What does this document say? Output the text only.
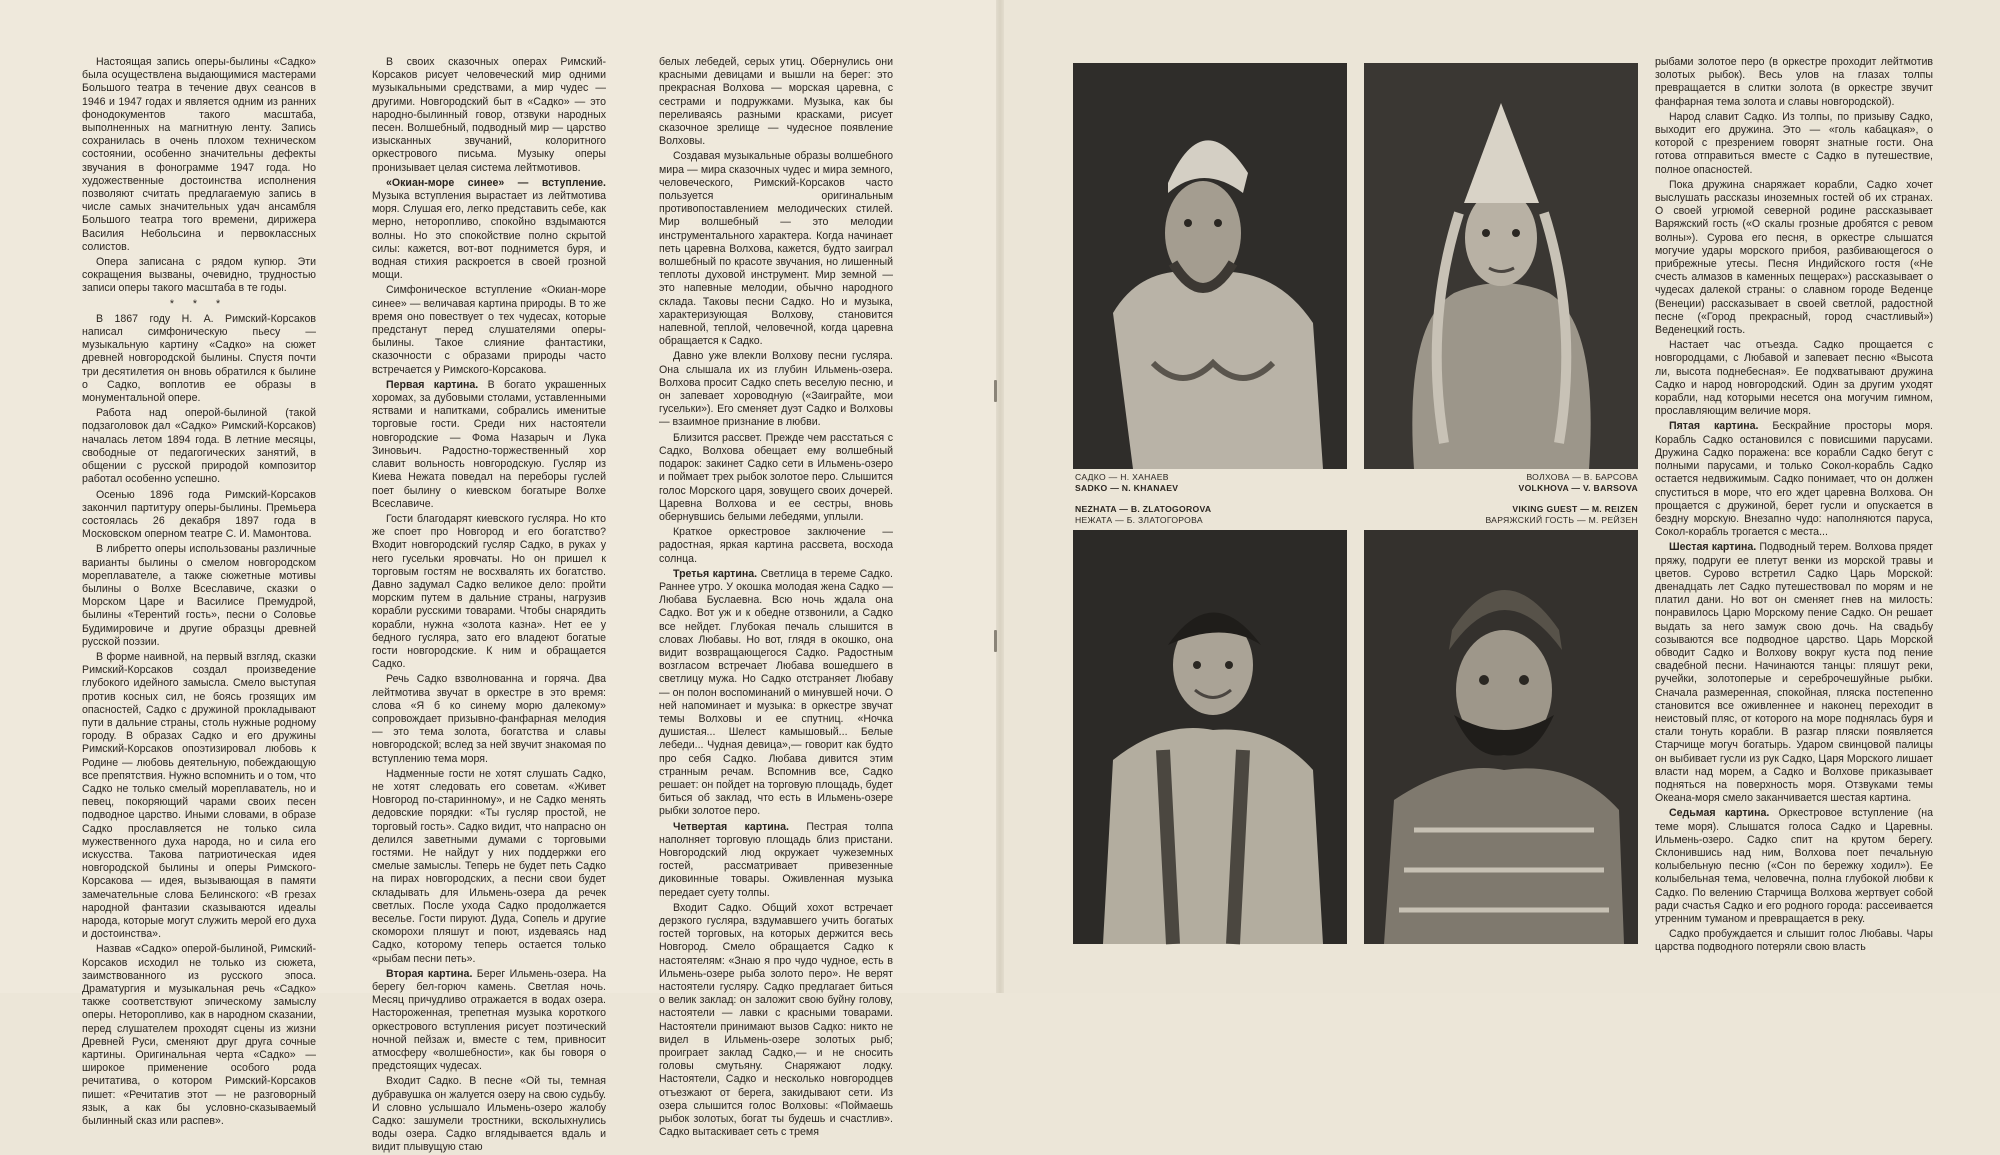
Настоящая запись оперы-былины «Садко» была осуществлена выдающимися мастерами Большого театра в течение двух сеансов в 1946 и 1947 годах и является одним из ранних фонодокументов такого масштаба, выполненных на магнитную ленту. Запись сохранилась в очень плохом техническом состоянии, особенно значительны дефекты звучания в фонограмме 1947 года. Но художественные достоинства исполнения позволяют считать предлагаемую запись в числе самых значительных удач ансамбля Большого театра того времени, дирижера Василия Небольсина и первоклассных солистов.

Опера записана с рядом купюр. Эти сокращения вызваны, очевидно, трудностью записи оперы такого масштаба в те годы.

* * *

В 1867 году Н. А. Римский-Корсаков написал симфоническую пьесу — музыкальную картину «Садко» на сюжет древней новгородской былины. Спустя почти три десятилетия он вновь обратился к былине о Садко, воплотив ее образы в монументальной опере.

Работа над оперой-былиной (такой подзаголовок дал «Садко» Римский-Корсаков) началась летом 1894 года. В летние месяцы, свободные от педагогических занятий, в общении с русской природой композитор работал особенно успешно.

Осенью 1896 года Римский-Корсаков закончил партитуру оперы-былины. Премьера состоялась 26 декабря 1897 года в Московском оперном театре С. И. Мамонтова.

В либретто оперы использованы различные варианты былины о смелом новгородском мореплавателе, а также сюжетные мотивы былины о Волхе Всеславиче, сказки о Морском Царе и Василисе Премудрой, былины «Терентий гость», песни о Соловье Будимировиче и другие образцы древней русской поэзии.

В форме наивной, на первый взгляд, сказки Римский-Корсаков создал произведение глубокого идейного замысла. Смело выступая против косных сил, не боясь грозящих им опасностей, Садко с дружиной прокладывают пути в дальние страны, столь нужные родному городу. В образах Садко и его дружины Римский-Корсаков опоэтизировал любовь к Родине — любовь деятельную, побеждающую все препятствия. Нужно вспомнить и о том, что Садко не только смелый мореплаватель, но и певец, покоряющий чарами своих песен подводное царство. Иными словами, в образе Садко прославляется не только сила мужественного духа народа, но и сила его искусства. Такова патриотическая идея новгородской былины и оперы Римского-Корсакова — идея, вызывающая в памяти замечательные слова Белинского: «В грезах народной фантазии сказываются идеалы народа, которые могут служить мерой его духа и достоинства».

Назвав «Садко» оперой-былиной, Римский-Корсаков исходил не только из сюжета, заимствованного из русского эпоса. Драматургия и музыкальная речь «Садко» также соответствуют эпическому замыслу оперы. Неторопливо, как в народном сказании, перед слушателем проходят сцены из жизни Древней Руси, сменяют друг друга сочные картины. Оригинальная черта «Садко» — широкое применение особого рода речитатива, о котором Римский-Корсаков пишет: «Речитатив этот — не разговорный язык, а как бы условно-сказываемый былинный сказ или распев».

В своих сказочных операх Римский-Корсаков рисует человеческий мир одними музыкальными средствами, а мир чудес — другими. Новгородский быт в «Садко» — это народно-былинный говор, отзвуки народных песен. Волшебный, подводный мир — царство изысканных звучаний, колоритного оркестрового письма. Музыку оперы пронизывает целая система лейтмотивов.

«Окиан-море синее» — вступление. Музыка вступления вырастает из лейтмотива моря. Слушая его, легко представить себе, как мерно, неторопливо, спокойно вздымаются волны. Но это спокойствие полно скрытой силы: кажется, вот-вот поднимется буря, и водная стихия раскроется в своей грозной мощи.

Симфоническое вступление «Окиан-море синее» — величавая картина природы. В то же время оно повествует о тех чудесах, которые предстанут перед слушателями оперы-былины. Такое слияние фантастики, сказочности с образами природы часто встречается у Римского-Корсакова.

Первая картина. В богато украшенных хоромах, за дубовыми столами, уставленными яствами и напитками, собрались именитые торговые гости. Среди них настоятели новгородские — Фома Назарыч и Лука Зиновьич. Радостно-торжественный хор славит вольность новгородскую. Гусляр из Киева Нежата поведал на переборы гуслей поет былину о киевском богатыре Волхе Всеславиче.

Гости благодарят киевского гусляра. Но кто же споет про Новгород и его богатство? Входит новгородский гусляр Садко, в руках у него гусельки яровчаты. Но он пришел к торговым гостям не восхвалять их богатство. Давно задумал Садко великое дело: пройти морским путем в дальние страны, нагрузив корабли русскими товарами. Чтобы снарядить корабли, нужна «золота казна». Нет ее у бедного гусляра, зато его владеют богатые гости новгородские. К ним и обращается Садко.

Речь Садко взволнованна и горяча. Два лейтмотива звучат в оркестре в это время: слова «Я б ко синему морю далекому» сопровождает призывно-фанфарная мелодия — это тема золота, богатства и славы новгородской; вслед за ней звучит знакомая по вступлению тема моря.

Надменные гости не хотят слушать Садко, не хотят следовать его советам. «Живет Новгород по-старинному», и не Садко менять дедовские порядки: «Ты гусляр простой, не торговый гость». Садко видит, что напрасно он делился заветными думами с торговыми гостями. Не найдут у них поддержки его смелые замыслы. Теперь не будет петь Садко на пирах новгородских, а песни свои будет складывать для Ильмень-озера да речек светлых. После ухода Садко продолжается веселье. Гости пируют. Дуда, Сопель и другие скоморохи пляшут и поют, издеваясь над Садко, которому теперь остается только «рыбам песни петь».

Вторая картина. Берег Ильмень-озера. На берегу бел-горюч камень. Светлая ночь. Месяц причудливо отражается в водах озера. Настороженная, трепетная музыка короткого оркестрового вступления рисует поэтический ночной пейзаж и, вместе с тем, привносит атмосферу «волшебности», как бы говоря о предстоящих чудесах.

Входит Садко. В песне «Ой ты, темная дубравушка он жалуется озеру на свою судьбу. И словно услышало Ильмень-озеро жалобу Садко: зашумели тростники, всколыхнулись воды озера. Садко вглядывается вдаль и видит плывущую стаю

белых лебедей, серых утиц. Обернулись они красными девицами и вышли на берег: это прекрасная Волхова — морская царевна, с сестрами и подружками. Музыка, как бы переливаясь разными красками, рисует сказочное зрелище — чудесное появление Волховы.

Создавая музыкальные образы волшебного мира — мира сказочных чудес и мира земного, человеческого, Римский-Корсаков часто пользуется оригинальным противопоставлением мелодических стилей. Мир волшебный — это мелодии инструментального характера. Когда начинает петь царевна Волхова, кажется, будто заиграл волшебный по красоте звучания, но лишенный теплоты духовой инструмент. Мир земной — это напевные мелодии, обычно народного склада. Таковы песни Садко. Но и музыка, характеризующая Волхову, становится напевной, теплой, человечной, когда царевна обращается к Садко.

Давно уже влекли Волхову песни гусляра. Она слышала их из глубин Ильмень-озера. Волхова просит Садко спеть веселую песню, и он запевает хороводную («Заиграйте, мои гусельки»). Его сменяет дуэт Садко и Волховы — взаимное признание в любви.

Близится рассвет. Прежде чем расстаться с Садко, Волхова обещает ему волшебный подарок: закинет Садко сети в Ильмень-озеро и поймает трех рыбок золотое перо. Слышится голос Морского царя, зовущего своих дочерей. Царевна Волхова и ее сестры, вновь обернувшись белыми лебедями, уплыли.

Краткое оркестровое заключение — радостная, яркая картина рассвета, восхода солнца.

Третья картина. Светлица в тереме Садко. Раннее утро. У окошка молодая жена Садко — Любава Буслаевна. Всю ночь ждала она Садко. Вот уж и к обедне отзвонили, а Садко все нейдет. Глубокая печаль слышится в словах Любавы. Но вот, глядя в окошко, она видит возвращающегося Садко. Радостным возгласом встречает Любава вошедшего в светлицу мужа. Но Садко отстраняет Любаву — он полон воспоминаний о минувшей ночи. О ней напоминает и музыка: в оркестре звучат темы Волховы и ее спутниц. «Ночка душистая... Шелест камышовый... Белые лебеди... Чудная девица»,— говорит как будто про себя Садко. Любава дивится этим странным речам. Вспомнив все, Садко решает: он пойдет на торговую площадь, будет биться об заклад, что есть в Ильмень-озере рыбки золотое перо.

Четвертая картина. Пестрая толпа наполняет торговую площадь близ пристани. Новгородский люд окружает чужеземных гостей, рассматривает привезенные диковинные товары. Оживленная музыка передает суету толпы.

Входит Садко. Общий хохот встречает дерзкого гусляра, вздумавшего учить богатых гостей торговых, на которых держится весь Новгород. Смело обращается Садко к настоятелям: «Знаю я про чудо чудное, есть в Ильмень-озере рыба золото перо». Не верят настоятели гусляру. Садко предлагает биться о велик заклад: он заложит свою буйну голову, настоятели — лавки с красными товарами. Настоятели принимают вызов Садко: никто не видел в Ильмень-озере золотых рыб; проиграет заклад Садко,— и не сносить головы смутьяну. Снаряжают лодку. Настоятели, Садко и несколько новгородцев отъезжают от берега, закидывают сети. Из озера слышится голос Волховы: «Поймаешь рыбок золотых, богат ты будешь и счастлив». Садко вытаскивает сеть с тремя

рыбами золотое перо (в оркестре проходит лейтмотив золотых рыбок). Весь улов на глазах толпы превращается в слитки золота (в оркестре звучит фанфарная тема золота и славы новгородской).

Народ славит Садко. Из толпы, по призыву Садко, выходит его дружина. Это — «голь кабацкая», о которой с презрением говорят знатные гости. Она готова отправиться вместе с Садко в путешествие, полное опасностей.

Пока дружина снаряжает корабли, Садко хочет выслушать рассказы иноземных гостей об их странах. О своей угрюмой северной родине рассказывает Варяжский гость («О скалы грозные дробятся с ревом волны»). Сурова его песня, в оркестре слышатся могучие удары морского прибоя, разбивающегося о прибрежные утесы. Песня Индийского гостя («Не счесть алмазов в каменных пещерах») рассказывает о чудесах далекой страны: о славном городе Веденце (Венеции) рассказывает в своей светлой, радостной песне («Город прекрасный, город счастливый») Веденецкий гость.

Настает час отъезда. Садко прощается с новгородцами, с Любавой и запевает песню «Высота ли, высота поднебесная». Ее подхватывают дружина Садко и народ новгородский. Один за другим уходят корабли, над которыми несется она могучим гимном, прославляющим величие моря.

Пятая картина. Бескрайние просторы моря. Корабль Садко остановился с повисшими парусами. Дружина Садко поражена: все корабли Садко бегут с полными парусами, и только Сокол-корабль Садко остается недвижимым. Садко понимает, что он должен спуститься в море, что его ждет царевна Волхова. Он прощается с дружиной, берет гусли и опускается в бездну морскую. Внезапно чудо: наполняются паруса, Сокол-корабль трогается с места...

Шестая картина. Подводный терем. Волхова прядет пряжу, подруги ее плетут венки из морской травы и цветов. Сурово встретил Садко Царь Морской: двенадцать лет Садко путешествовал по морям и не платил дани. Но вот он сменяет гнев на милость: понравилось Царю Морскому пение Садко. Он решает выдать за него замуж свою дочь. На свадьбу созываются все подводное царство. Царь Морской обводит Садко и Волхову вокруг куста под пение свадебной песни. Начинаются танцы: пляшут реки, ручейки, золотоперые и сереброчешуйные рыбки. Сначала размеренная, спокойная, пляска постепенно становится все оживленнее и наконец переходит в неистовый пляс, от которого на море поднялась буря и стали тонуть корабли. В разгар пляски появляется Старчище могуч богатырь. Ударом свинцовой палицы он выбивает гусли из рук Садко, Царя Морского лишает власти над морем, а Садко и Волхове приказывает подняться на поверхность моря. Отзвуками темы Океана-моря смело заканчивается шестая картина.

Седьмая картина. Оркестровое вступление (на теме моря). Слышатся голоса Садко и Царевны. Ильмень-озеро. Садко спит на крутом берегу. Склонившись над ним, Волхова поет печальную колыбельную песню («Сон по бережку ходил»). Ее колыбельная тема, человечна, полна глубокой любви к Садко. По велению Старчища Волхова жертвует собой ради счастья Садко и его родного города: рассеивается утренним туманом и превращается в реку.

Садко пробуждается и слышит голос Любавы. Чары царства подводного потеряли свою власть

САДКО — Н. ХАНАЕВ
SADKO — N. KHANAEV
ВОЛХОВА — В. БАРСОВА
VOLKHOVA — V. BARSOVA
NEZHATA — B. ZLATOGOROVA
НЕЖАТА — Б. ЗЛАТОГОРОВА
VIKING GUEST — M. REIZEN
ВАРЯЖСКИЙ ГОСТЬ — М. РЕЙЗЕН
